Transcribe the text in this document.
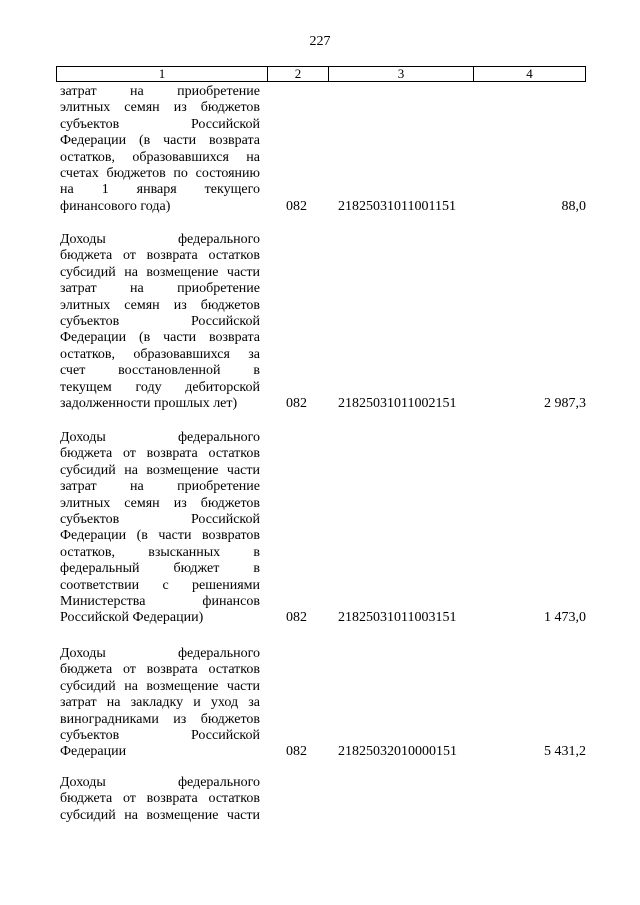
227
1	2	3	4
затрат на приобретение
элитных семян из бюджетов
субъектов Российской
Федерации (в части возврата
остатков, образовавшихся на
счетах бюджетов по состоянию
на 1 января текущего
финансового года)	082 21825031011001151	88,0
Доходы федерального
бюджета от возврата остатков
субсидий на возмещение части
затрат на приобретение
элитных семян из бюджетов
субъектов Российской
Федерации (в части возврата
остатков, образовавшихся за
счет восстановленной в
текущем году дебиторской
задолженности прошлых лет)	082 21825031011002151	2 987,3
Доходы федерального
бюджета от возврата остатков
субсидий на возмещение части
затрат на приобретение
элитных семян из бюджетов
субъектов Российской
Федерации (в части возвратов
остатков, взысканных в
федеральный бюджет в
соответствии с решениями
Министерства финансов
Российской Федерации)	082 21825031011003151	1 473,0
Доходы федерального
бюджета от возврата остатков
субсидий на возмещение части
затрат на закладку и уход за
виноградниками из бюджетов
субъектов Российской
Федерации	082 21825032010000151	5 431,2
Доходы федерального
бюджета от возврата остатков
субсидий на возмещение части
